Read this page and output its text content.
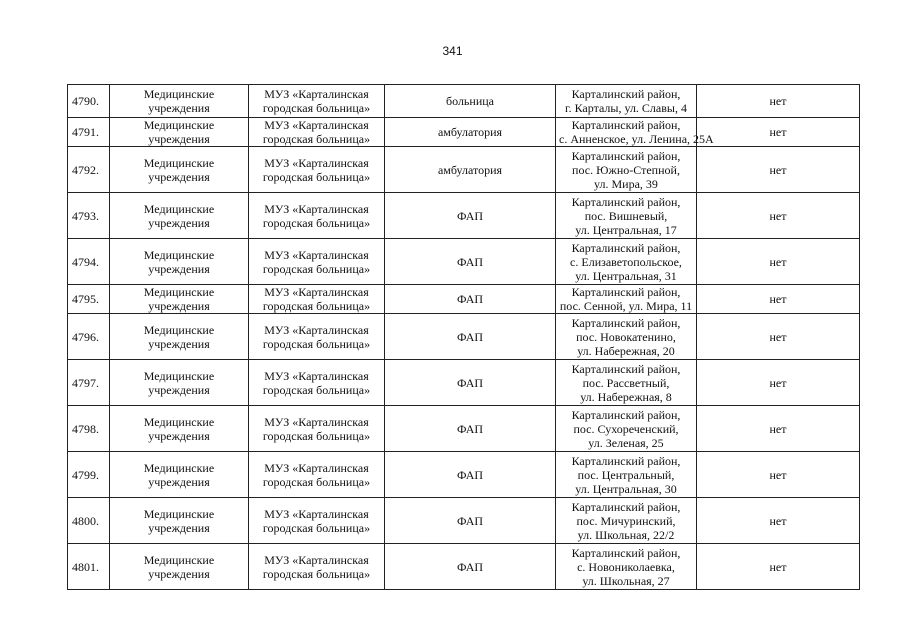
341
4790.	Медицинские
учреждения	МУЗ «Карталинская
городская больница»	больница	Карталинский район,
г. Карталы, ул. Славы, 4	нет
4791.	Медицинские
учреждения	МУЗ «Карталинская
городская больница»	амбулатория	Карталинский район,
с. Анненское, ул. Ленина, 25А	нет
4792.	Медицинские
учреждения	МУЗ «Карталинская
городская больница»	амбулатория	Карталинский район,
пос. Южно-Степной,
ул. Мира, 39	нет
4793.	Медицинские
учреждения	МУЗ «Карталинская
городская больница»	ФАП	Карталинский район,
пос. Вишневый,
ул. Центральная, 17	нет
4794.	Медицинские
учреждения	МУЗ «Карталинская
городская больница»	ФАП	Карталинский район,
с. Елизаветопольское,
ул. Центральная, 31	нет
4795.	Медицинские
учреждения	МУЗ «Карталинская
городская больница»	ФАП	Карталинский район,
пос. Сенной, ул. Мира, 11	нет
4796.	Медицинские
учреждения	МУЗ «Карталинская
городская больница»	ФАП	Карталинский район,
пос. Новокатенино,
ул. Набережная, 20	нет
4797.	Медицинские
учреждения	МУЗ «Карталинская
городская больница»	ФАП	Карталинский район,
пос. Рассветный,
ул. Набережная, 8	нет
4798.	Медицинские
учреждения	МУЗ «Карталинская
городская больница»	ФАП	Карталинский район,
пос. Сухореченский,
ул. Зеленая, 25	нет
4799.	Медицинские
учреждения	МУЗ «Карталинская
городская больница»	ФАП	Карталинский район,
пос. Центральный,
ул. Центральная, 30	нет
4800.	Медицинские
учреждения	МУЗ «Карталинская
городская больница»	ФАП	Карталинский район,
пос. Мичуринский,
ул. Школьная, 22/2	нет
4801.	Медицинские
учреждения	МУЗ «Карталинская
городская больница»	ФАП	Карталинский район,
с. Новониколаевка,
ул. Школьная, 27	нет
